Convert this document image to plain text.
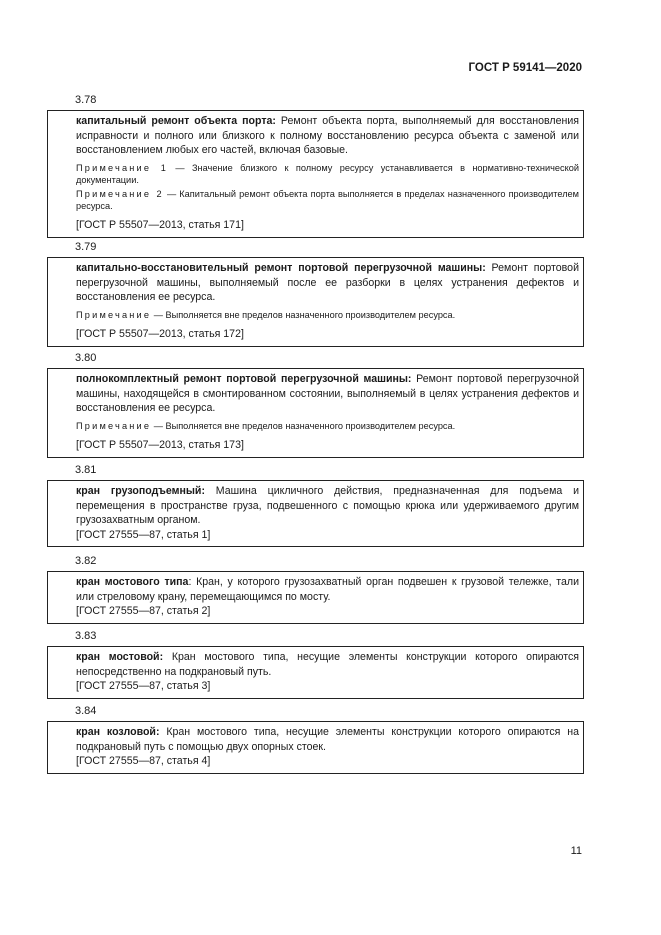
ГОСТ Р 59141—2020
3.78

капитальный ремонт объекта порта: Ремонт объекта порта, выполняемый для восстановления исправности и полного или близкого к полному восстановлению ресурса объекта с заменой или восстановлением любых его частей, включая базовые.

Примечание 1 — Значение близкого к полному ресурсу устанавливается в нормативно-технической документации.

Примечание 2 — Капитальный ремонт объекта порта выполняется в пределах назначенного производителем ресурса.

[ГОСТ Р 55507—2013, статья 171]

3.79

капитально-восстановительный ремонт портовой перегрузочной машины: Ремонт портовой перегрузочной машины, выполняемый после ее разборки в целях устранения дефектов и восстановления ее ресурса.

Примечание — Выполняется вне пределов назначенного производителем ресурса.

[ГОСТ Р 55507—2013, статья 172]

3.80

полнокомплектный ремонт портовой перегрузочной машины: Ремонт портовой перегрузочной машины, находящейся в смонтированном состоянии, выполняемый в целях устранения дефектов и восстановления ее ресурса.

Примечание — Выполняется вне пределов назначенного производителем ресурса.

[ГОСТ Р 55507—2013, статья 173]

3.81

кран грузоподъемный: Машина цикличного действия, предназначенная для подъема и перемещения в пространстве груза, подвешенного с помощью крюка или удерживаемого другим грузозахватным органом.

[ГОСТ 27555—87, статья 1]

3.82

кран мостового типа: Кран, у которого грузозахватный орган подвешен к грузовой тележке, тали или стреловому крану, перемещающимся по мосту.

[ГОСТ 27555—87, статья 2]

3.83

кран мостовой: Кран мостового типа, несущие элементы конструкции которого опираются непосредственно на подкрановый путь.

[ГОСТ 27555—87, статья 3]

3.84

кран козловой: Кран мостового типа, несущие элементы конструкции которого опираются на подкрановый путь с помощью двух опорных стоек.

[ГОСТ 27555—87, статья 4]

11
